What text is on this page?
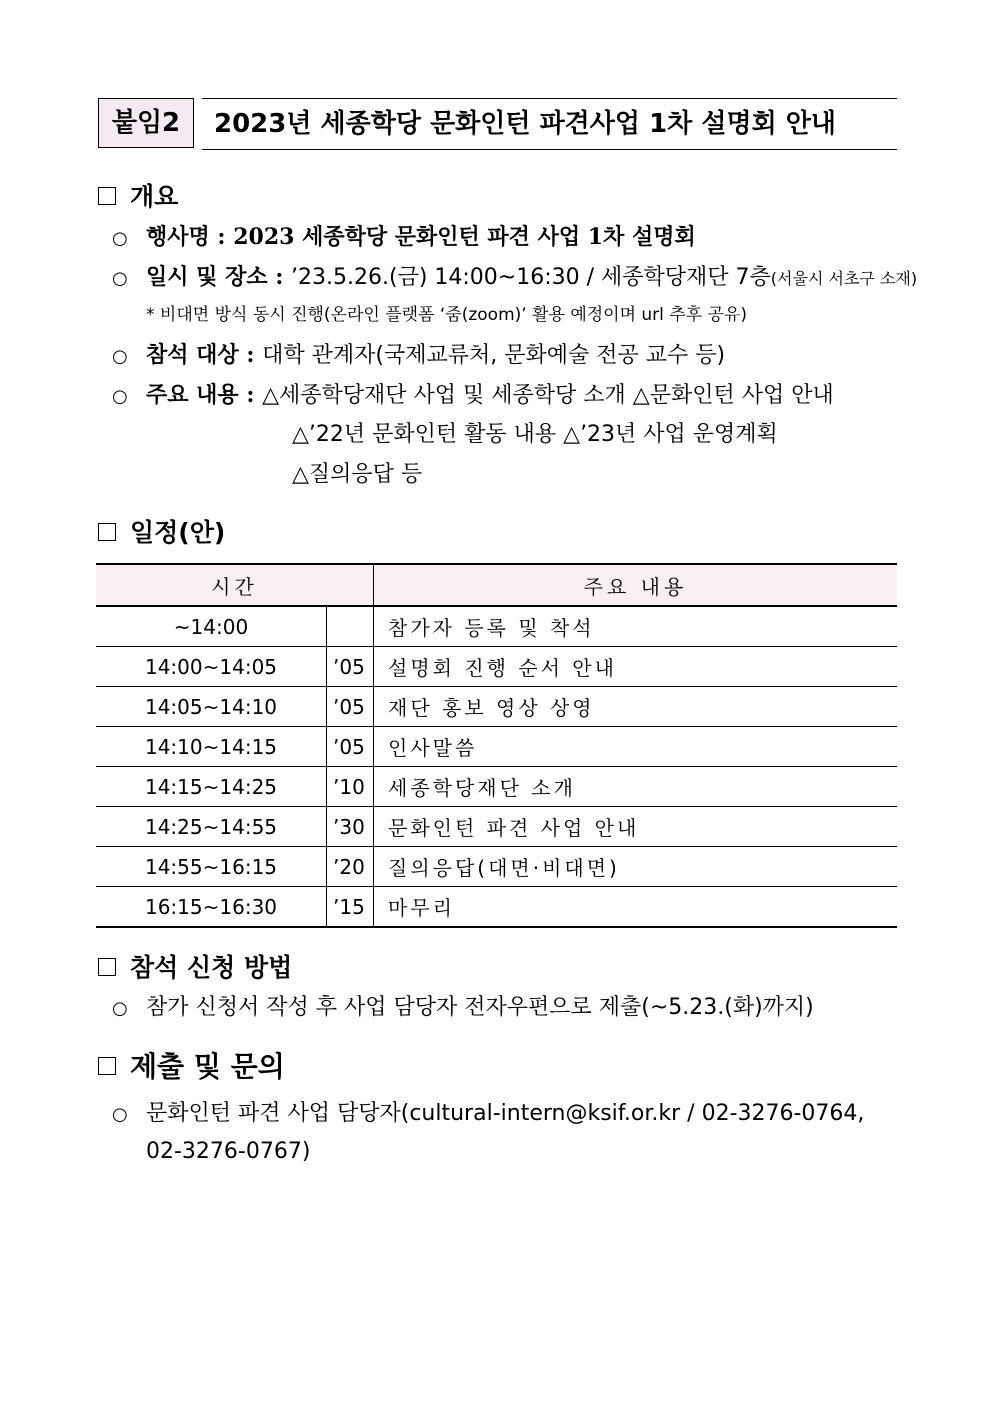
붙임2	2023년 세종학당 문화인턴 파견사업 1차 설명회 안내
개요
○ 행사명 : 2023 세종학당 문화인턴 파견 사업 1차 설명회
○ 일시 및 장소 : ’23.5.26.(금) 14:00~16:30 / 세종학당재단 7층(서울시 서초구 소재)
* 비대면 방식 동시 진행(온라인 플랫폼 ‘줌(zoom)’ 활용 예정이며 url 추후 공유)
○ 참석 대상 : 대학 관계자(국제교류처, 문화예술 전공 교수 등)
○ 주요 내용 : △세종학당재단 사업 및 세종학당 소개 △문화인턴 사업 안내
△’22년 문화인턴 활동 내용 △’23년 사업 운영계획
△질의응답 등
일정(안)
시간		주요 내용
~14:00		참가자 등록 및 착석
14:00~14:05	’05	설명회 진행 순서 안내
14:05~14:10	’05	재단 홍보 영상 상영
14:10~14:15	’05	인사말씀
14:15~14:25	’10	세종학당재단 소개
14:25~14:55	’30	문화인턴 파견 사업 안내
14:55~16:15	’20	질의응답(대면·비대면)
16:15~16:30	’15	마무리
참석 신청 방법
○ 참가 신청서 작성 후 사업 담당자 전자우편으로 제출(~5.23.(화)까지)
제출 및 문의
○ 문화인턴 파견 사업 담당자(cultural-intern@ksif.or.kr / 02-3276-0764,
02-3276-0767)
